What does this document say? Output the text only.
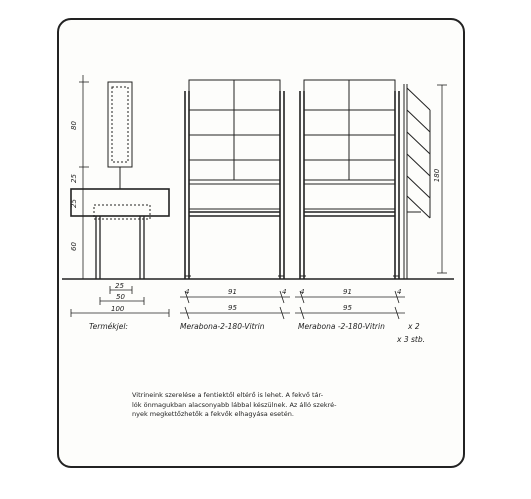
80
25
25
60
180
25
50
100
4	91	4
95
4	91	4
95
Termékjel:	Merabona-2-180-Vitrin	Merabona -2-180-Vitrin	x 2
x 3 stb.
Vitrineink szerelése a fentiektől eltérő is lehet. A fekvő tár-
lók önmagukban alacsonyabb lábbal készülnek. Az álló szekré-
nyek megkettőzhetők a fekvők elhagyása esetén.
